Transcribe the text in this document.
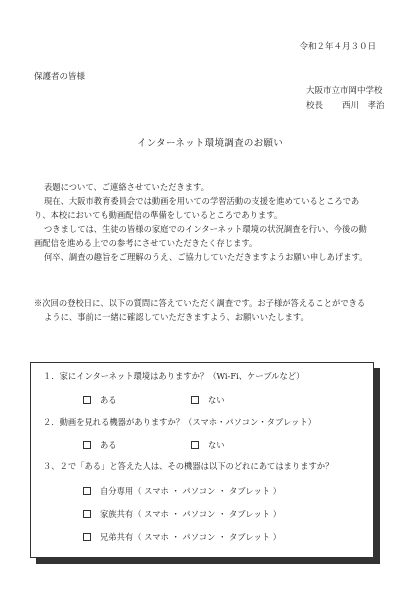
令和２年４月３０日
保護者の皆様
大阪市立市岡中学校
校長 西川　孝治
インターネット環境調査のお願い

表題について、ご連絡させていただきます。

現在、大阪市教育委員会では動画を用いての学習活動の支援を進めているところであ

り、本校においても動画配信の準備をしているところであります。

つきましては、生徒の皆様の家庭でのインターネット環境の状況調査を行い、今後の動

画配信を進める上での参考にさせていただきたく存じます。

何卒、調査の趣旨をご理解のうえ、ご協力していただきますようお願い申しあげます。

※次回の登校日に、以下の質問に答えていただく調査です。お子様が答えることができる

ように、事前に一緒に確認していただきますよう、お願いいたします。

１．家にインターネット環境はありますか？（Wi-Fi、ケーブルなど）
ある	ない
２．動画を見れる機器がありますか？（スマホ・パソコン・タブレット）
ある	ない
３、２で「ある」と答えた人は、その機器は以下のどれにあてはまりますか？
自分専用（ スマホ ・ パソコン ・ タブレット ）
家族共有（ スマホ ・ パソコン ・ タブレット ）
兄弟共有（ スマホ ・ パソコン ・ タブレット ）
